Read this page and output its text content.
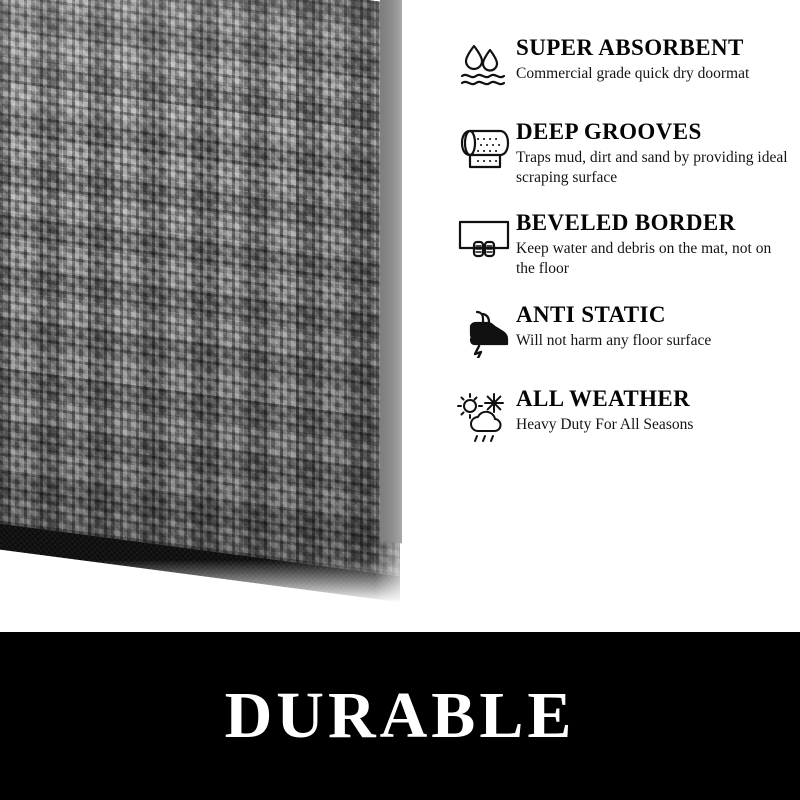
SUPER ABSORBENT

Commercial grade quick dry doormat

DEEP GROOVES

Traps mud, dirt and sand by providing ideal scraping surface

BEVELED BORDER

Keep water and debris on the mat, not on the floor

ANTI STATIC

Will not harm any floor surface

ALL WEATHER

Heavy Duty For All Seasons

DURABLE
